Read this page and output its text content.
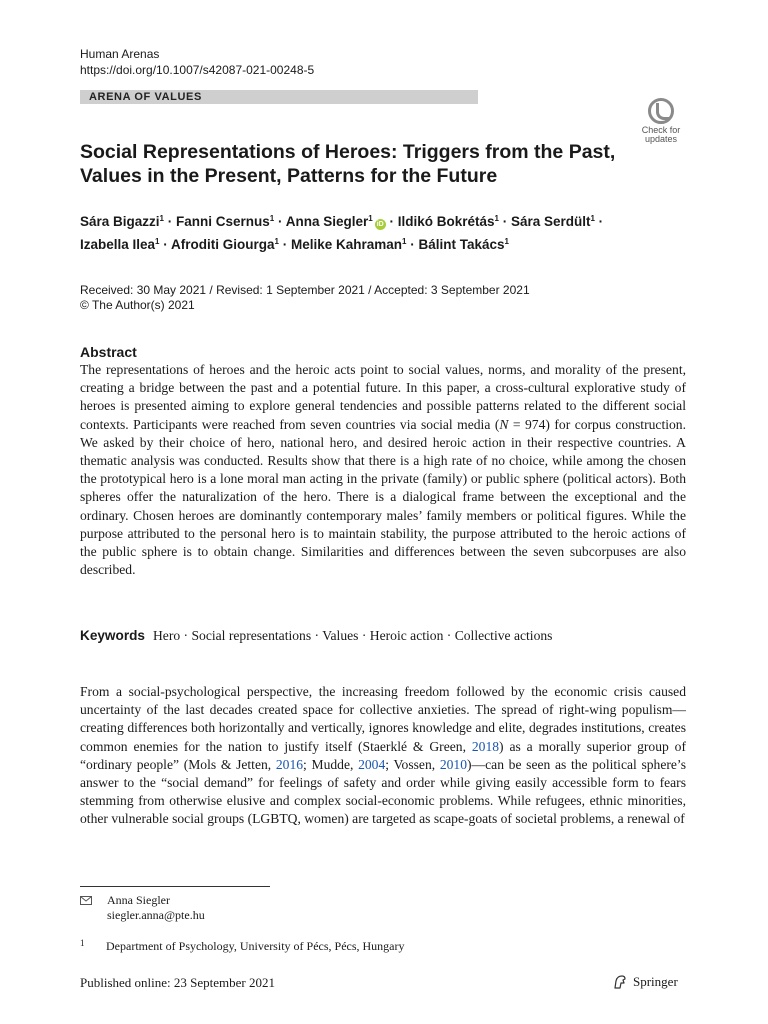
Human Arenas
https://doi.org/10.1007/s42087-021-00248-5
ARENA OF VALUES
Check for
updates
Social Representations of Heroes: Triggers from the Past, Values in the Present, Patterns for the Future
Sára Bigazzi$^1$ · Fanni Csernus$^1$ · Anna Siegler$^1$iD · Ildikó Bokrétás$^1$ · Sára Serdült$^1$ ·
Izabella Ilea$^1$ · Afroditi Giourga$^1$ · Melike Kahraman$^1$ · Bálint Takács$^1$
Received: 30 May 2021 / Revised: 1 September 2021 / Accepted: 3 September 2021
© The Author(s) 2021
Abstract

The representations of heroes and the heroic acts point to social values, norms, and morality of the present, creating a bridge between the past and a potential future. In this paper, a cross-cultural explorative study of heroes is presented aiming to explore general tendencies and possible patterns related to the different social contexts. Participants were reached from seven countries via social media (N = 974) for corpus construction. We asked by their choice of hero, national hero, and desired heroic action in their respective countries. A thematic analysis was conducted. Results show that there is a high rate of no choice, while among the chosen the prototypical hero is a lone moral man acting in the private (family) or public sphere (political actors). Both spheres offer the naturalization of the hero. There is a dialogical frame between the exceptional and the ordinary. Chosen heroes are dominantly contemporary males’ family members or political figures. While the purpose attributed to the personal hero is to maintain stability, the purpose attributed to the heroic actions of the public sphere is to obtain change. Similarities and differences between the seven subcorpuses are also described.

Keywords Hero · Social representations · Values · Heroic action · Collective actions

From a social-psychological perspective, the increasing freedom followed by the economic crisis caused uncertainty of the last decades created space for collective anxieties. The spread of right-wing populism—creating differences both horizontally and vertically, ignores knowledge and elite, degrades institutions, creates common enemies for the nation to justify itself (Staerklé & Green, 2018) as a morally superior group of “ordinary people” (Mols & Jetten, 2016; Mudde, 2004; Vossen, 2010)—can be seen as the political sphere’s answer to the “social demand” for feelings of safety and order while giving easily accessible form to fears stemming from otherwise elusive and complex social-economic problems. While refugees, ethnic minorities, other vulnerable social groups (LGBTQ, women) are targeted as scape-goats of societal problems, a renewal of

Anna Siegler
siegler.anna@pte.hu
1 Department of Psychology, University of Pécs, Pécs, Hungary
Published online: 23 September 2021	Springer
